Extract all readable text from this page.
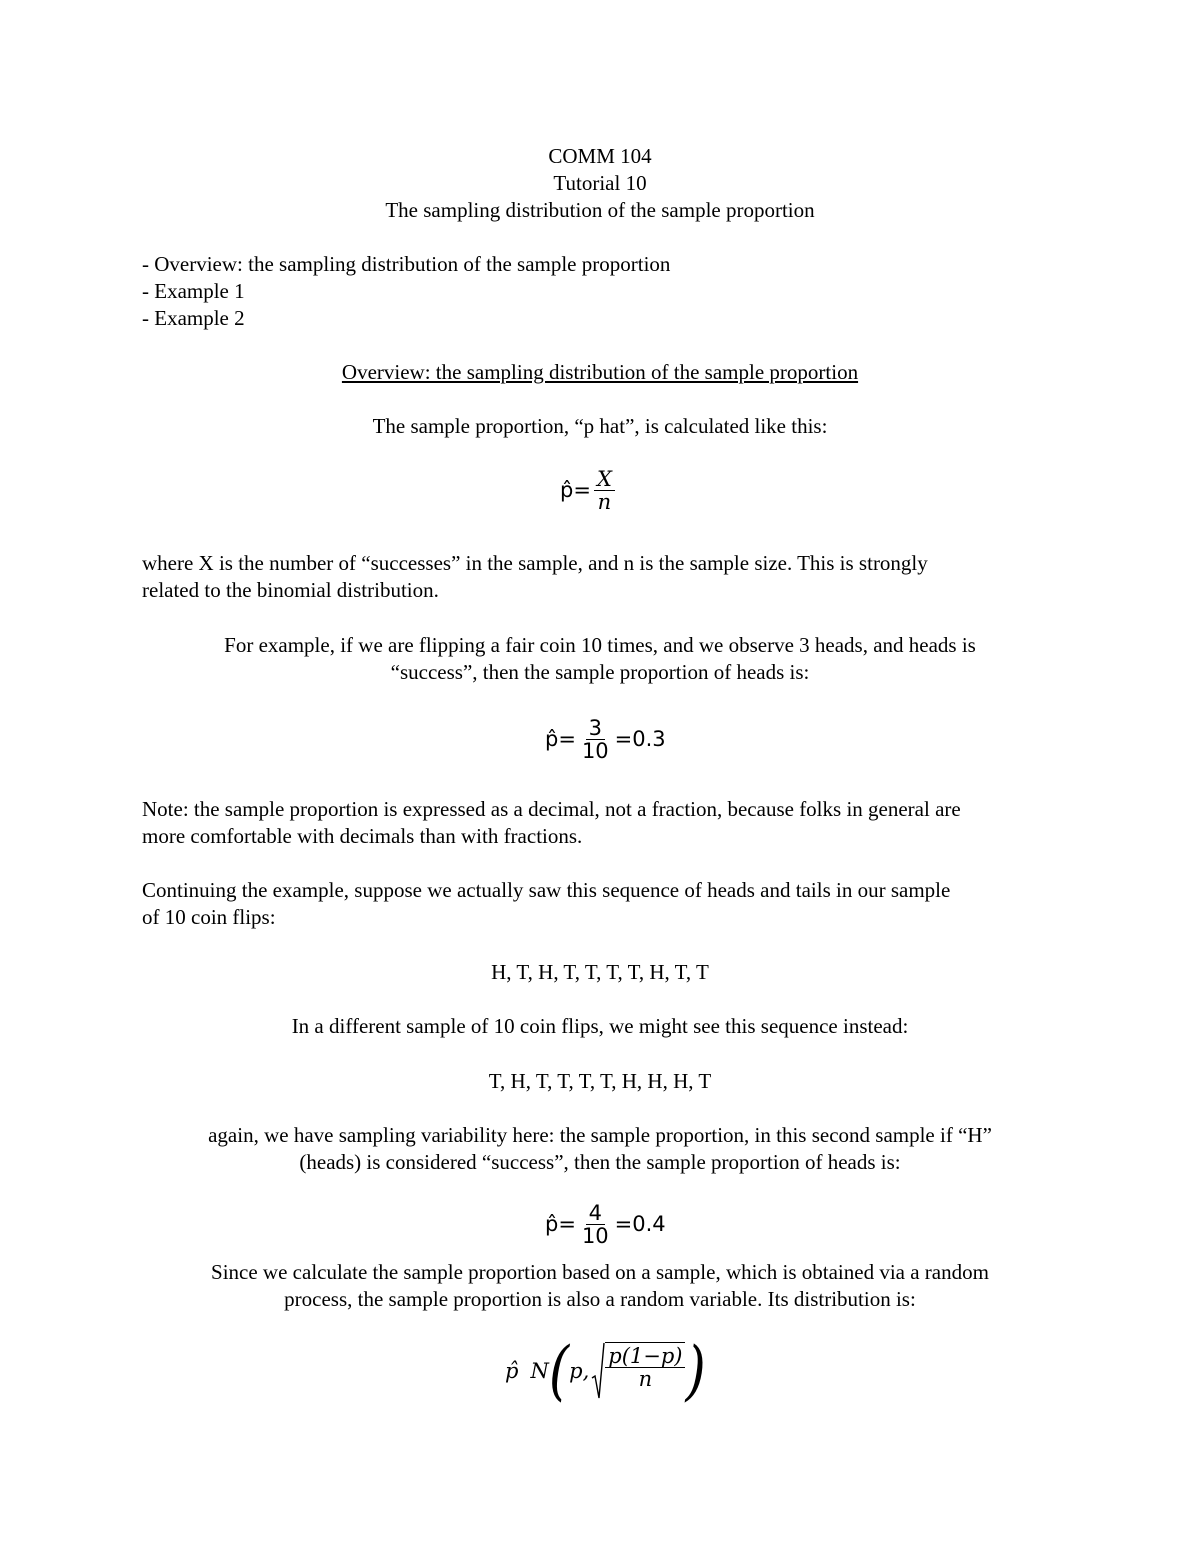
COMM 104
Tutorial 10
The sampling distribution of the sample proportion
- Overview: the sampling distribution of the sample proportion
- Example 1
- Example 2
Overview: the sampling distribution of the sample proportion
The sample proportion, “p hat”, is calculated like this:
p̂= $\frac{X}{n}$
where X is the number of “successes” in the sample, and n is the sample size. This is strongly
related to the binomial distribution.
For example, if we are flipping a fair coin 10 times, and we observe 3 heads, and heads is
“success”, then the sample proportion of heads is:
p̂= $\frac{3}{10} =0.3$
Note: the sample proportion is expressed as a decimal, not a fraction, because folks in general are
more comfortable with decimals than with fractions.
Continuing the example, suppose we actually saw this sequence of heads and tails in our sample
of 10 coin flips:
H, T, H, T, T, T, T, H, T, T
In a different sample of 10 coin flips, we might see this sequence instead:
T, H, T, T, T, T, H, H, H, T
again, we have sampling variability here: the sample proportion, in this second sample if “H”
(heads) is considered “success”, then the sample proportion of heads is:
p̂= $\frac{4}{10} =0.4$
Since we calculate the sample proportion based on a sample, which is obtained via a random
process, the sample proportion is also a random variable. Its distribution is:
p̂ N ( p, $\frac{p(1-p)}{n}$ )
